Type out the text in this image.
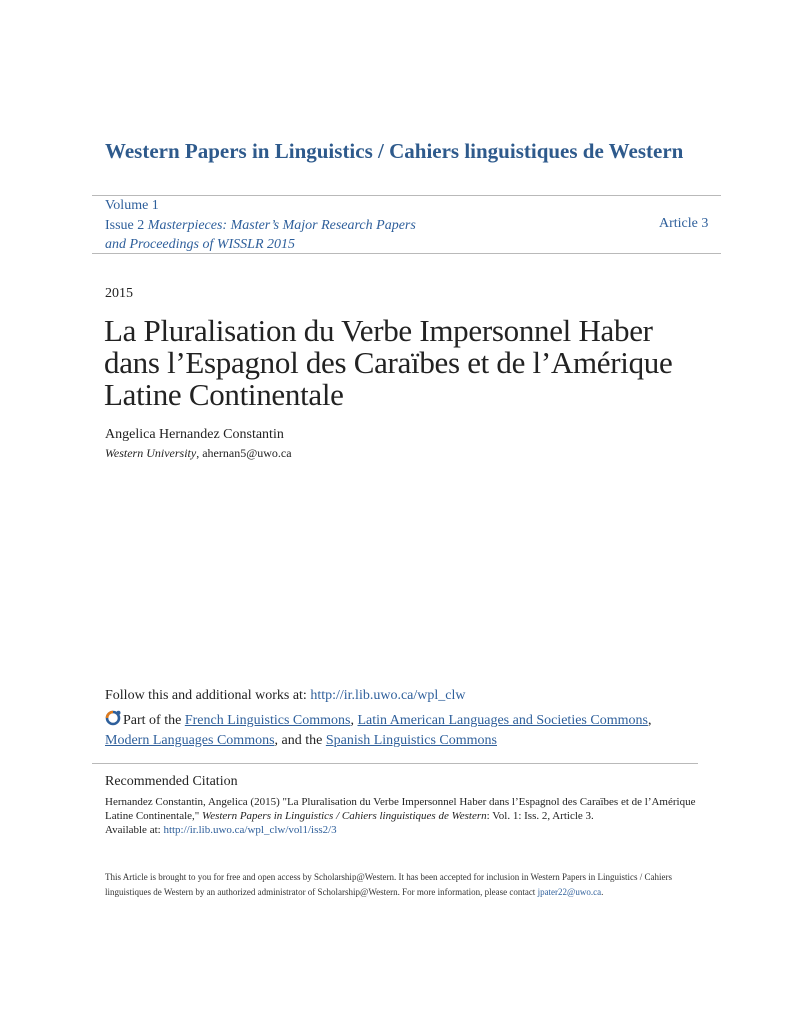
Western Papers in Linguistics / Cahiers linguistiques de Western
Volume 1
Issue 2 Masterpieces: Master’s Major Research Papers and Proceedings of WISSLR 2015
Article 3
2015
La Pluralisation du Verbe Impersonnel Haber dans l’Espagnol des Caraïbes et de l’Amérique Latine Continentale
Angelica Hernandez Constantin
Western University, ahernan5@uwo.ca
Follow this and additional works at: http://ir.lib.uwo.ca/wpl_clw
Part of the French Linguistics Commons, Latin American Languages and Societies Commons,
Modern Languages Commons, and the Spanish Linguistics Commons
Recommended Citation
Hernandez Constantin, Angelica (2015) "La Pluralisation du Verbe Impersonnel Haber dans l’Espagnol des Caraïbes et de l’Amérique Latine Continentale," Western Papers in Linguistics / Cahiers linguistiques de Western: Vol. 1: Iss. 2, Article 3.
Available at: http://ir.lib.uwo.ca/wpl_clw/vol1/iss2/3
This Article is brought to you for free and open access by Scholarship@Western. It has been accepted for inclusion in Western Papers in Linguistics / Cahiers linguistiques de Western by an authorized administrator of Scholarship@Western. For more information, please contact jpater22@uwo.ca.
